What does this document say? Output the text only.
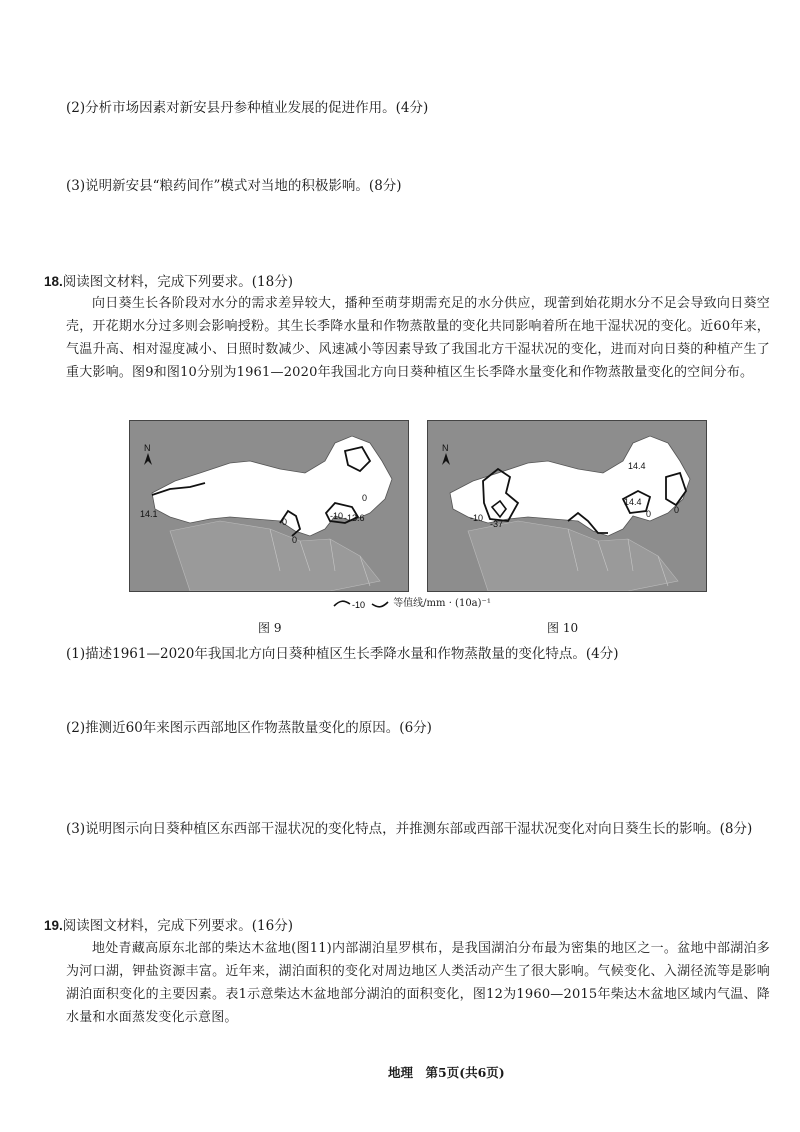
(2)分析市场因素对新安县丹参种植业发展的促进作用。(4分)
(3)说明新安县“粮药间作”模式对当地的积极影响。(8分)
18.阅读图文材料，完成下列要求。(18分)

向日葵生长各阶段对水分的需求差异较大，播种至萌芽期需充足的水分供应，现蕾到始花期水分不足会导致向日葵空壳，开花期水分过多则会影响授粉。其生长季降水量和作物蒸散量的变化共同影响着所在地干湿状况的变化。近60年来，气温升高、相对湿度减小、日照时数减少、风速减小等因素导致了我国北方干湿状况的变化，进而对向日葵的种植产生了重大影响。图9和图10分别为1961—2020年我国北方向日葵种植区生长季降水量变化和作物蒸散量变化的空间分布。

N
14.1
0
0
-10 -13.6
0
N
14.4
14.4
0
-10
-37
0
-10	等值线/mm · (10a)⁻¹
图 9	图 10
(1)描述1961—2020年我国北方向日葵种植区生长季降水量和作物蒸散量的变化特点。(4分)
(2)推测近60年来图示西部地区作物蒸散量变化的原因。(6分)
(3)说明图示向日葵种植区东西部干湿状况的变化特点，并推测东部或西部干湿状况变化对向日葵生长的影响。(8分)
19.阅读图文材料，完成下列要求。(16分)

地处青藏高原东北部的柴达木盆地(图11)内部湖泊星罗棋布，是我国湖泊分布最为密集的地区之一。盆地中部湖泊多为河口湖，钾盐资源丰富。近年来，湖泊面积的变化对周边地区人类活动产生了很大影响。气候变化、入湖径流等是影响湖泊面积变化的主要因素。表1示意柴达木盆地部分湖泊的面积变化，图12为1960—2015年柴达木盆地区域内气温、降水量和水面蒸发变化示意图。

地理　第5页(共6页)
